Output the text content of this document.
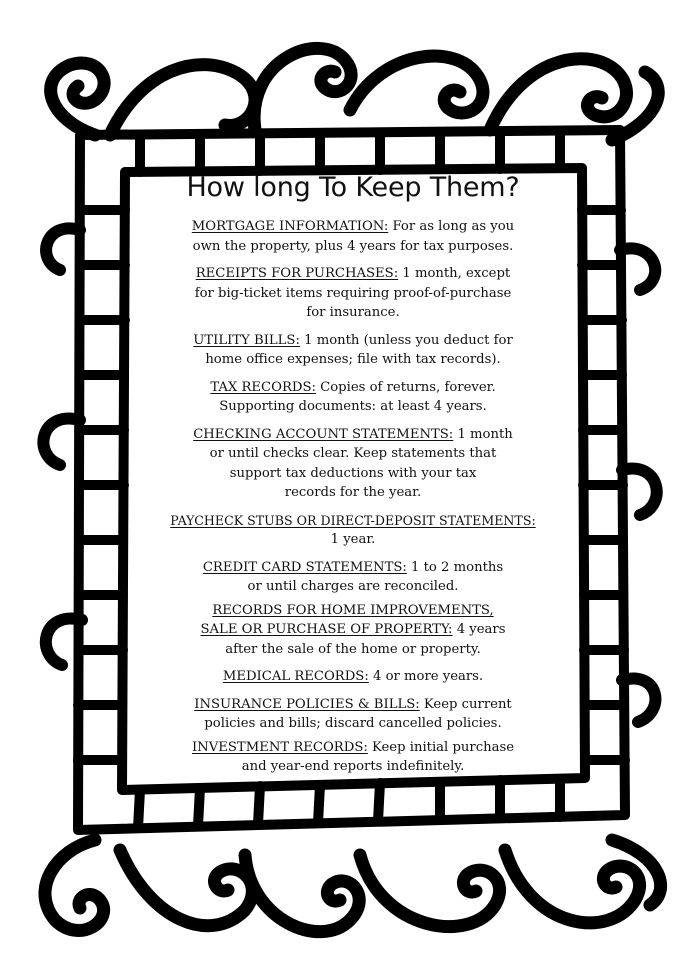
How long To Keep Them?
MORTGAGE INFORMATION: For as long as you
own the property, plus 4 years for tax purposes.
RECEIPTS FOR PURCHASES: 1 month, except
for big-ticket items requiring proof-of-purchase
for insurance.
UTILITY BILLS: 1 month (unless you deduct for
home office expenses; file with tax records).
TAX RECORDS: Copies of returns, forever.
Supporting documents: at least 4 years.
CHECKING ACCOUNT STATEMENTS: 1 month
or until checks clear. Keep statements that
support tax deductions with your tax
records for the year.
PAYCHECK STUBS OR DIRECT-DEPOSIT STATEMENTS:
1 year.
CREDIT CARD STATEMENTS: 1 to 2 months
or until charges are reconciled.
RECORDS FOR HOME IMPROVEMENTS,
SALE OR PURCHASE OF PROPERTY: 4 years
after the sale of the home or property.
MEDICAL RECORDS: 4 or more years.
INSURANCE POLICIES & BILLS: Keep current
policies and bills; discard cancelled policies.
INVESTMENT RECORDS: Keep initial purchase
and year-end reports indefinitely.
